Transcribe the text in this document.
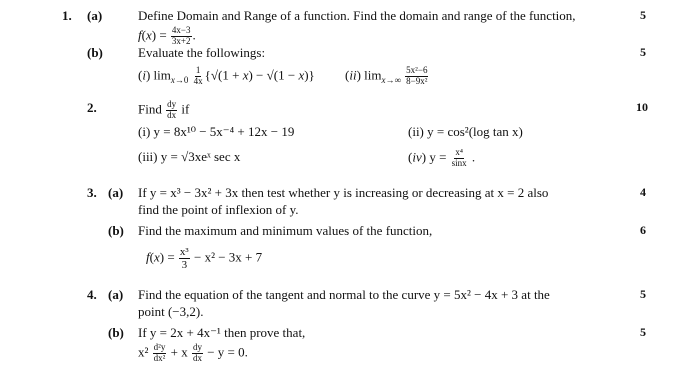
1. (a)	Define Domain and Range of a function. Find the domain and range of the function,	5
$f(x) = \frac{4x-3}{3x+2}$ .
(b)	Evaluate the followings:	5
(i) $\lim_{x\to 0} \frac{1}{4x} \{√(1 + x) - √(1 - x)\}$ (ii) $\lim_{x\to\infty} \frac{\text{5x²−6}}{\text{8−9x²}}$
2.	Find $\frac{dy}{dx}$ if	10
(i) y = 8x¹⁰ − 5x⁻⁴ + 12x − 19	(ii) y = cos²(log tan x)
(iii) y = √3xeˣ sec x	(iv) $y = \frac{\text{x⁴}}{\sin x}$ .
3. (a) If y = x³ − 3x² + 3x then test whether y is increasing or decreasing at x = 2 also	4
find the point of inflexion of y.
(b) Find the maximum and minimum values of the function,	6
$f(x) = \frac{\text{x³}}{3} - x^2 - 3x + 7$
4. (a) Find the equation of the tangent and normal to the curve y = 5x² − 4x + 3 at the	5
point (−3,2).
(b) If y = 2x + 4x⁻¹ then prove that,	5
$x^2 \frac{\text{d²y}}{\text{dx²}} + x \frac{dy}{dx} - y = 0$.
